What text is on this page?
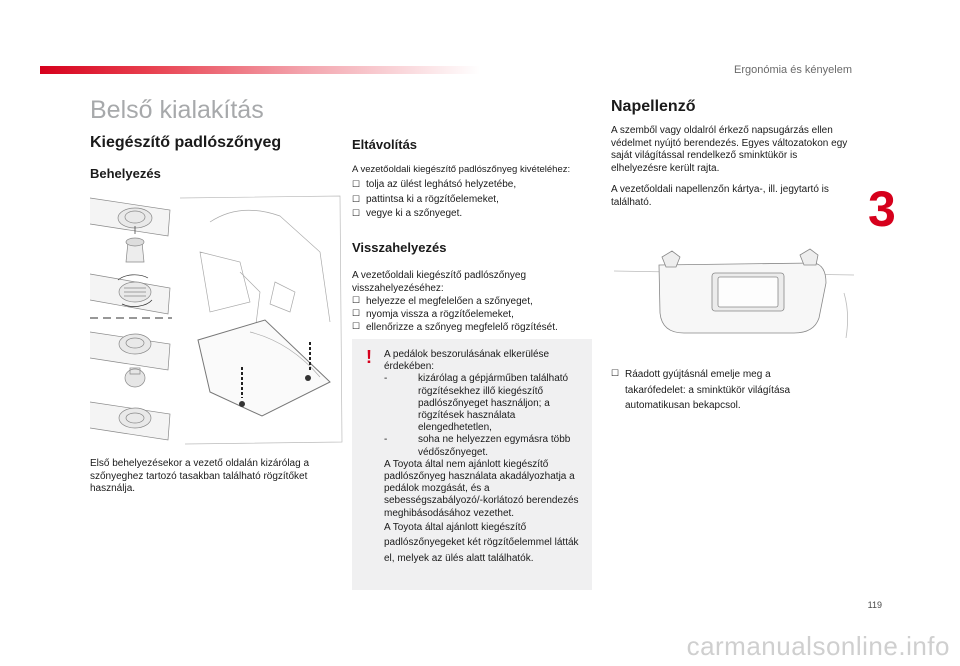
Ergonómia és kényelem
3
119
carmanualsonline.info
Belső kialakítás
Kiegészítő padlószőnyeg
Behelyezés
Első behelyezésekor a vezető oldalán kizárólag a szőnyeghez tartozó tasakban található rögzítőket használja.
Eltávolítás
A vezetőoldali kiegészítő padlószőnyeg kivételéhez:
☐ tolja az ülést leghátsó helyzetébe,
☐ pattintsa ki a rögzítőelemeket,
☐ vegye ki a szőnyeget.
Visszahelyezés
A vezetőoldali kiegészítő padlószőnyeg visszahelyezéséhez:
☐ helyezze el megfelelően a szőnyeget,
☐ nyomja vissza a rögzítőelemeket,
☐ ellenőrizze a szőnyeg megfelelő rögzítését.
! A pedálok beszorulásának elkerülése érdekében:
-	kizárólag a gépjárműben található rögzítésekhez illő kiegészítő padlószőnyeget használjon; a rögzítések használata elengedhetetlen,
-	soha ne helyezzen egymásra több védőszőnyeget.
A Toyota által nem ajánlott kiegészítő padlószőnyeg használata akadályozhatja a pedálok mozgását, és a sebességszabályozó/-korlátozó berendezés meghibásodásához vezethet.
A Toyota által ajánlott kiegészítő padlószőnyegeket két rögzítőelemmel látták el, melyek az ülés alatt találhatók.
Napellenző
A szemből vagy oldalról érkező napsugárzás ellen védelmet nyújtó berendezés. Egyes változatokon egy saját világítással rendelkező sminktükör is elhelyezésre került rajta.
A vezetőoldali napellenzőn kártya-, ill. jegytartó is található.
☐ Ráadott gyújtásnál emelje meg a takarófedelet: a sminktükör világítása automatikusan bekapcsol.
